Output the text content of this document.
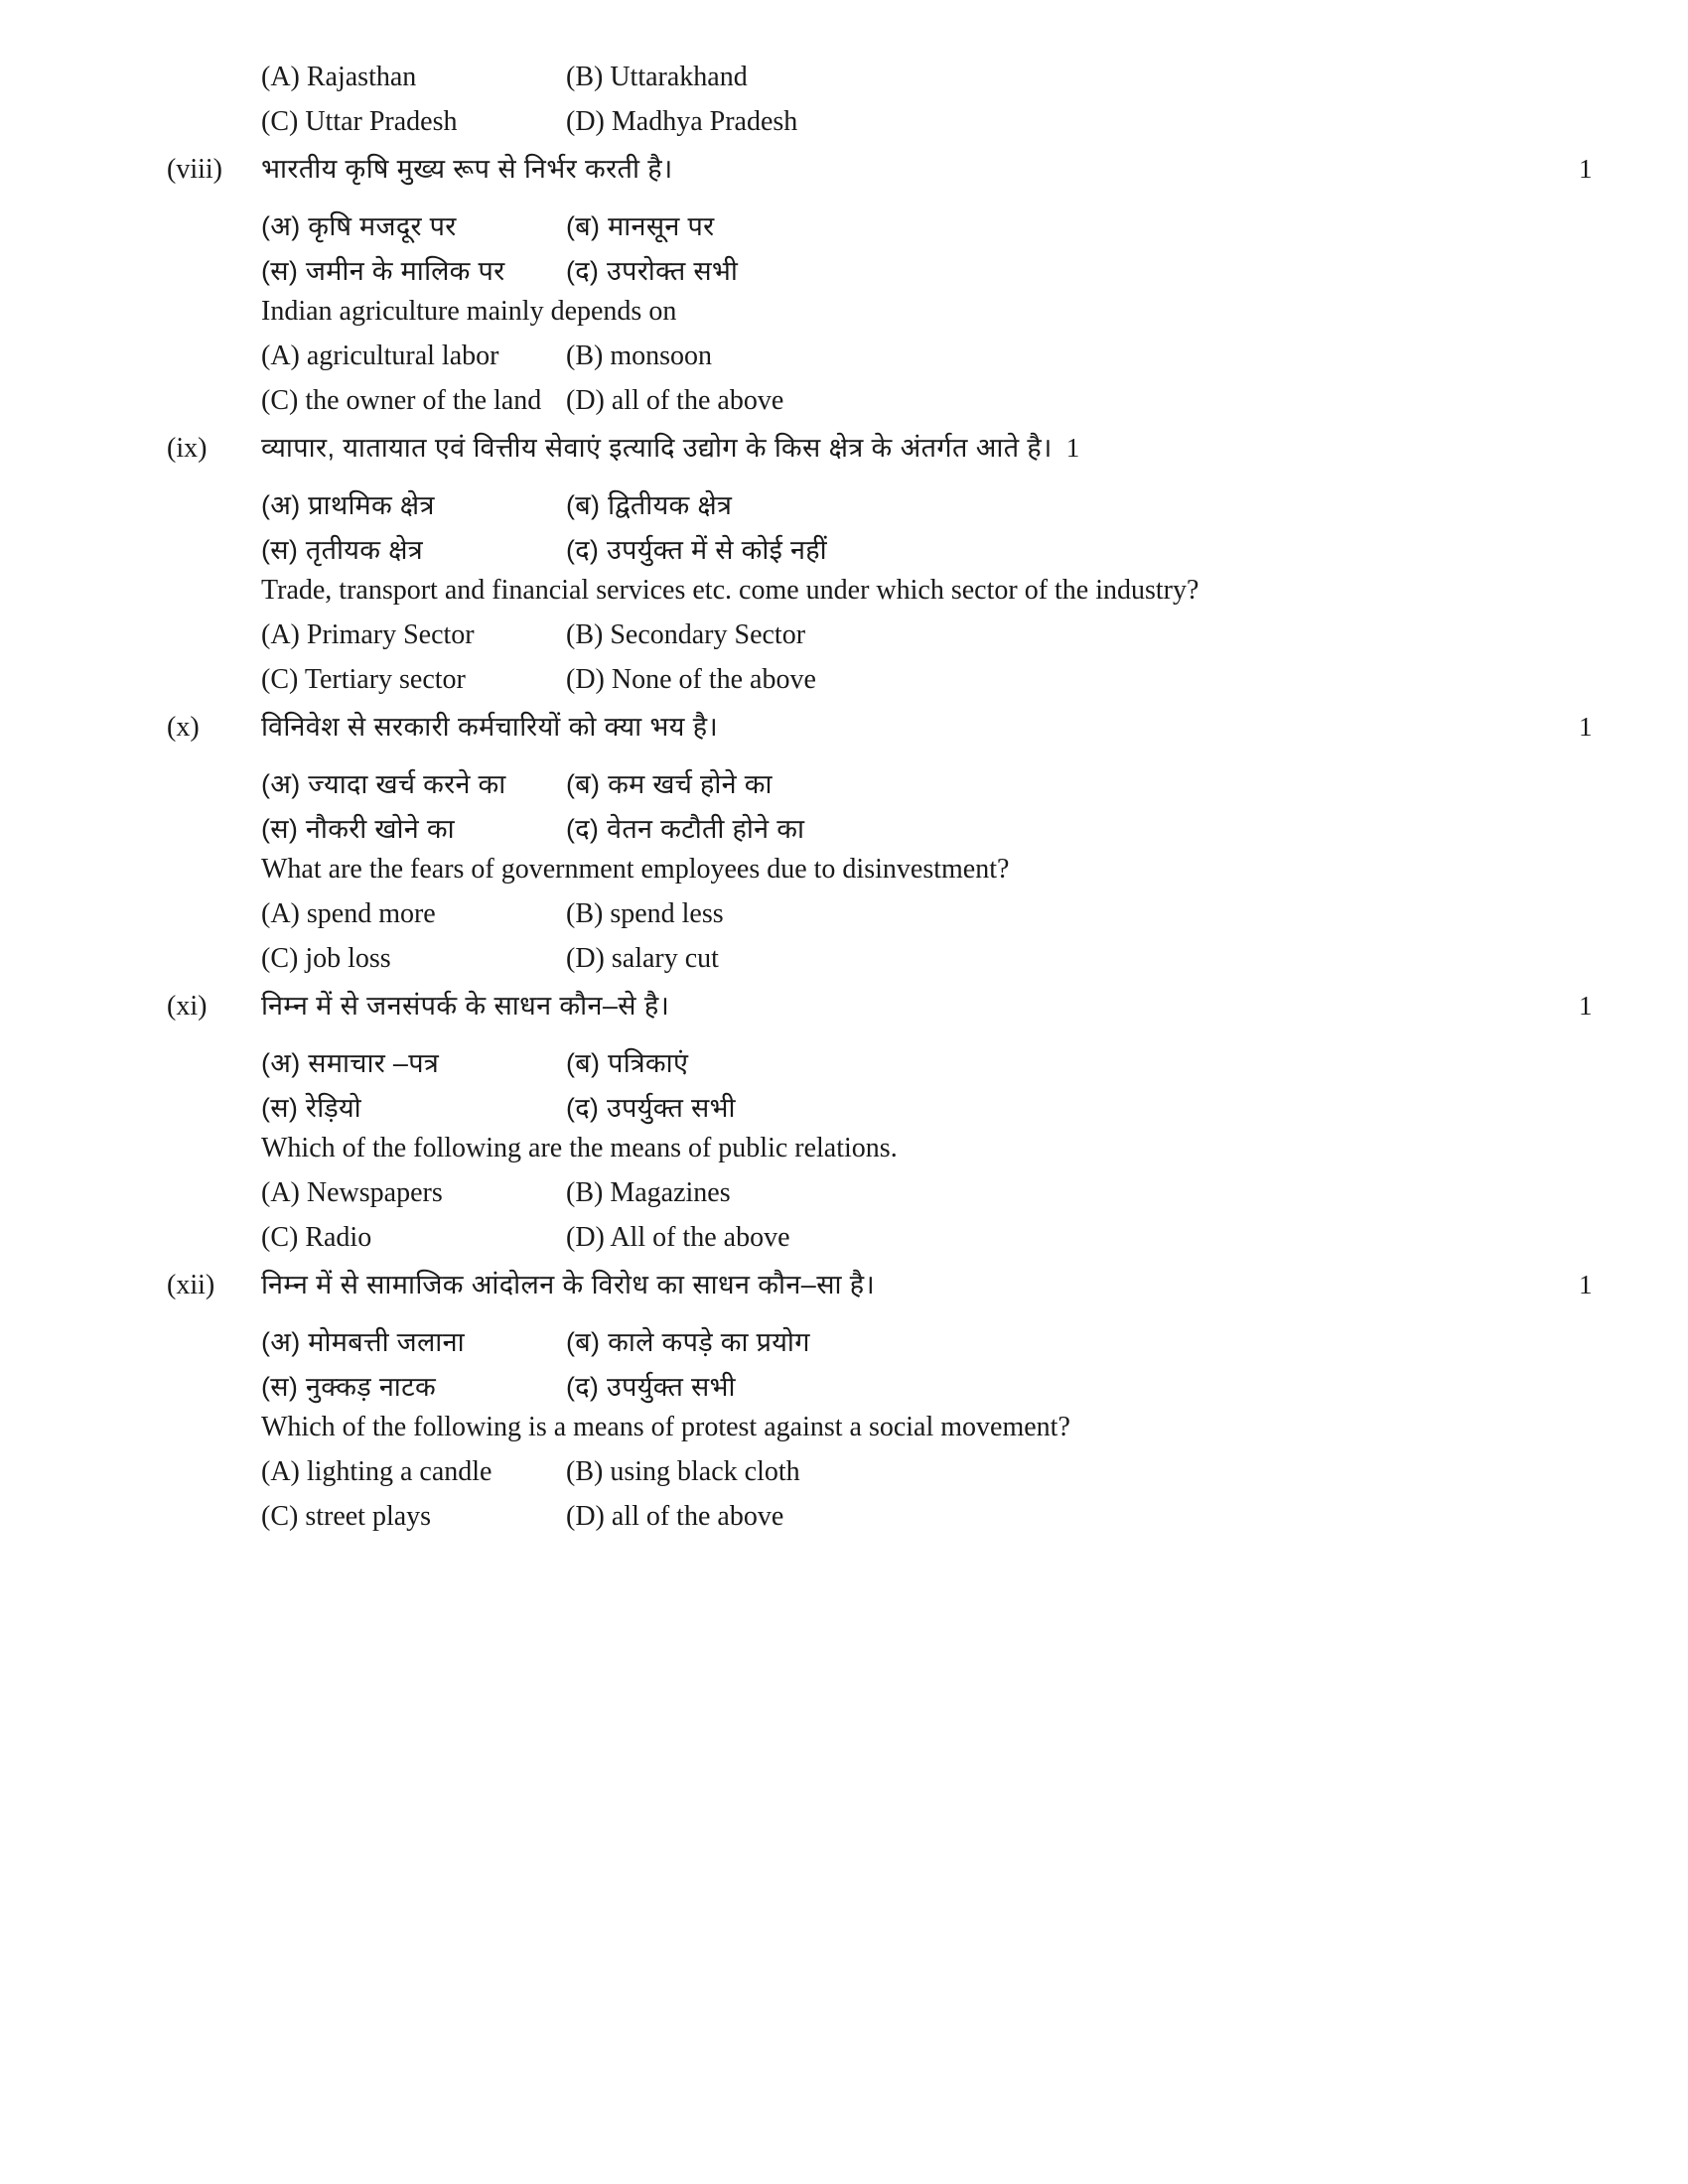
(A) Rajasthan	(B) Uttarakhand
(C) Uttar Pradesh	(D) Madhya Pradesh
(viii)	भारतीय कृषि मुख्य रूप से निर्भर करती है।	1
(अ) कृषि मजदूर पर	(ब) मानसून पर
(स) जमीन के मालिक पर	(द) उपरोक्त सभी
Indian agriculture mainly depends on
(A) agricultural labor	(B) monsoon
(C) the owner of the land (D) all of the above
(ix)	व्यापार, यातायात एवं वित्तीय सेवाएं इत्यादि उद्योग के किस क्षेत्र के अंतर्गत आते है। 1
(अ) प्राथमिक क्षेत्र	(ब) द्वितीयक क्षेत्र
(स) तृतीयक क्षेत्र	(द) उपर्युक्त में से कोई नहीं
Trade, transport and financial services etc. come under which sector of the industry?
(A) Primary Sector	(B) Secondary Sector
(C) Tertiary sector	(D) None of the above
(x)	विनिवेश से सरकारी कर्मचारियों को क्या भय है।	1
(अ) ज्यादा खर्च करने का	(ब) कम खर्च होने का
(स) नौकरी खोने का	(द) वेतन कटौती होने का
What are the fears of government employees due to disinvestment?
(A) spend more	(B) spend less
(C) job loss	(D) salary cut
(xi)	निम्न में से जनसंपर्क के साधन कौन–से है।	1
(अ) समाचार –पत्र	(ब) पत्रिकाएं
(स) रेड़ियो	(द) उपर्युक्त सभी
Which of the following are the means of public relations.
(A) Newspapers	(B) Magazines
(C) Radio	(D) All of the above
(xii)	निम्न में से सामाजिक आंदोलन के विरोध का साधन कौन–सा है।	1
(अ) मोमबत्ती जलाना	(ब) काले कपड़े का प्रयोग
(स) नुक्कड़ नाटक	(द) उपर्युक्त सभी
Which of the following is a means of protest against a social movement?
(A) lighting a candle	(B) using black cloth
(C) street plays	(D) all of the above
